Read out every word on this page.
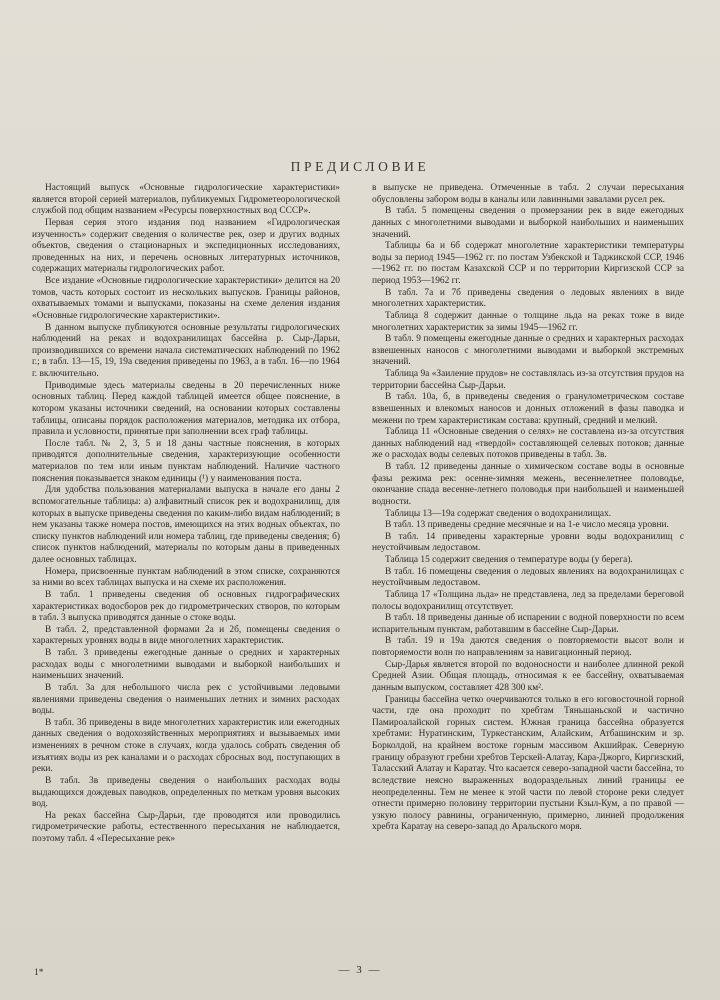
ПРЕДИСЛОВИЕ

Настоящий выпуск «Основные гидрологические характеристики» является второй серией материалов, публикуемых Гидрометеорологической службой под общим названием «Ресурсы поверхностных вод СССР».

Первая серия этого издания под названием «Гидрологическая изученность» содержит сведения о количестве рек, озер и других водных объектов, сведения о стационарных и экспедиционных исследованиях, проведенных на них, и перечень основных литературных источников, содержащих материалы гидрологических работ.

Все издание «Основные гидрологические характеристики» делится на 20 томов, часть которых состоит из нескольких выпусков. Границы районов, охватываемых томами и выпусками, показаны на схеме деления издания «Основные гидрологические характеристики».

В данном выпуске публикуются основные результаты гидрологических наблюдений на реках и водохранилищах бассейна р. Сыр-Дарьи, производившихся со времени начала систематических наблюдений по 1962 г.; в табл. 13—15, 19, 19а сведения приведены по 1963, а в табл. 16—по 1964 г. включительно.

Приводимые здесь материалы сведены в 20 перечисленных ниже основных таблиц. Перед каждой таблицей имеется общее пояснение, в котором указаны источники сведений, на основании которых составлены таблицы, описаны порядок расположения материалов, методика их отбора, правила и условности, принятые при заполнении всех граф таблицы.

После табл. № 2, 3, 5 и 18 даны частные пояснения, в которых приводятся дополнительные сведения, характеризующие особенности материалов по тем или иным пунктам наблюдений. Наличие частного пояснения показывается знаком единицы (¹) у наименования поста.

Для удобства пользования материалами выпуска в начале его даны 2 вспомогательные таблицы: а) алфавитный список рек и водохранилищ, для которых в выпуске приведены сведения по каким-либо видам наблюдений; в нем указаны также номера постов, имеющихся на этих водных объектах, по списку пунктов наблюдений или номера таблиц, где приведены сведения; б) список пунктов наблюдений, материалы по которым даны в приведенных далее основных таблицах.

Номера, присвоенные пунктам наблюдений в этом списке, сохраняются за ними во всех таблицах выпуска и на схеме их расположения.

В табл. 1 приведены сведения об основных гидрографических характеристиках водосборов рек до гидрометрических створов, по которым в табл. 3 выпуска приводятся данные о стоке воды.

В табл. 2, представленной формами 2а и 2б, помещены сведения о характерных уровнях воды в виде многолетних характеристик.

В табл. 3 приведены ежегодные данные о средних и характерных расходах воды с многолетними выводами и выборкой наибольших и наименьших значений.

В табл. 3а для небольшого числа рек с устойчивыми ледовыми явлениями приведены сведения о наименьших летних и зимних расходах воды.

В табл. 3б приведены в виде многолетних характеристик или ежегодных данных сведения о водохозяйственных мероприятиях и вызываемых ими изменениях в речном стоке в случаях, когда удалось собрать сведения об изъятиях воды из рек каналами и о расходах сбросных вод, поступающих в реки.

В табл. 3в приведены сведения о наибольших расходах воды выдающихся дождевых паводков, определенных по меткам уровня высоких вод.

На реках бассейна Сыр-Дарьи, где проводятся или проводились гидрометрические работы, естественного пересыхания не наблюдается, поэтому табл. 4 «Пересыхание рек»

в выпуске не приведена. Отмеченные в табл. 2 случаи пересыхания обусловлены забором воды в каналы или лавинными завалами русел рек.

В табл. 5 помещены сведения о промерзании рек в виде ежегодных данных с многолетними выводами и выборкой наибольших и наименьших значений.

Таблицы 6а и 6б содержат многолетние характеристики температуры воды за период 1945—1962 гг. по постам Узбекской и Таджикской ССР, 1946—1962 гг. по постам Казахской ССР и по территории Киргизской ССР за период 1953—1962 гг.

В табл. 7а и 7б приведены сведения о ледовых явлениях в виде многолетних характеристик.

Таблица 8 содержит данные о толщине льда на реках тоже в виде многолетних характеристик за зимы 1945—1962 гг.

В табл. 9 помещены ежегодные данные о средних и характерных расходах взвешенных наносов с многолетними выводами и выборкой экстремных значений.

Таблица 9а «Заиление прудов» не составлялась из-за отсутствия прудов на территории бассейна Сыр-Дарьи.

В табл. 10а, б, в приведены сведения о гранулометрическом составе взвешенных и влекомых наносов и донных отложений в фазы паводка и межени по трем характеристикам состава: крупный, средний и мелкий.

Таблица 11 «Основные сведения о селях» не составлена из-за отсутствия данных наблюдений над «твердой» составляющей селевых потоков; данные же о расходах воды селевых потоков приведены в табл. 3в.

В табл. 12 приведены данные о химическом составе воды в основные фазы режима рек: осенне-зимняя межень, весеннелетнее половодье, окончание спада весенне-летнего половодья при наибольшей и наименьшей водности.

Таблицы 13—19а содержат сведения о водохранилищах.

В табл. 13 приведены средние месячные и на 1-е число месяца уровни.

В табл. 14 приведены характерные уровни воды водохранилищ с неустойчивым ледоставом.

Таблица 15 содержит сведения о температуре воды (у берега).

В табл. 16 помещены сведения о ледовых явлениях на водохранилищах с неустойчивым ледоставом.

Таблица 17 «Толщина льда» не представлена, лед за пределами береговой полосы водохранилищ отсутствует.

В табл. 18 приведены данные об испарении с водной поверхности по всем испарительным пунктам, работавшим в бассейне Сыр-Дарьи.

В табл. 19 и 19а даются сведения о повторяемости высот волн и повторяемости волн по направлениям за навигационный период.

Сыр-Дарья является второй по водоносности и наиболее длинной рекой Средней Азии. Общая площадь, относимая к ее бассейну, охватываемая данным выпуском, составляет 428 300 км².

Границы бассейна четко очерчиваются только в его юговосточной горной части, где она проходит по хребтам Тяньшаньской и частично Памироалайской горных систем. Южная граница бассейна образуется хребтами: Нуратинским, Туркестанским, Алайским, Атбашинским и зр. Борколдой, на крайнем востоке горным массивом Акшийрак. Северную границу образуют гребни хребтов Терскей-Алатау, Кара-Джорго, Киргизский, Таласский Алатау и Каратау. Что касается северо-западной части бассейна, то вследствие неясно выраженных водораздельных линий границы ее неопределенны. Тем не менее к этой части по левой стороне реки следует отнести примерно половину территории пустыни Кзыл-Кум, а по правой — узкую полосу равнины, ограниченную, примерно, линией продолжения хребта Каратау на северо-запад до Аральского моря.

1*	— 3 —
